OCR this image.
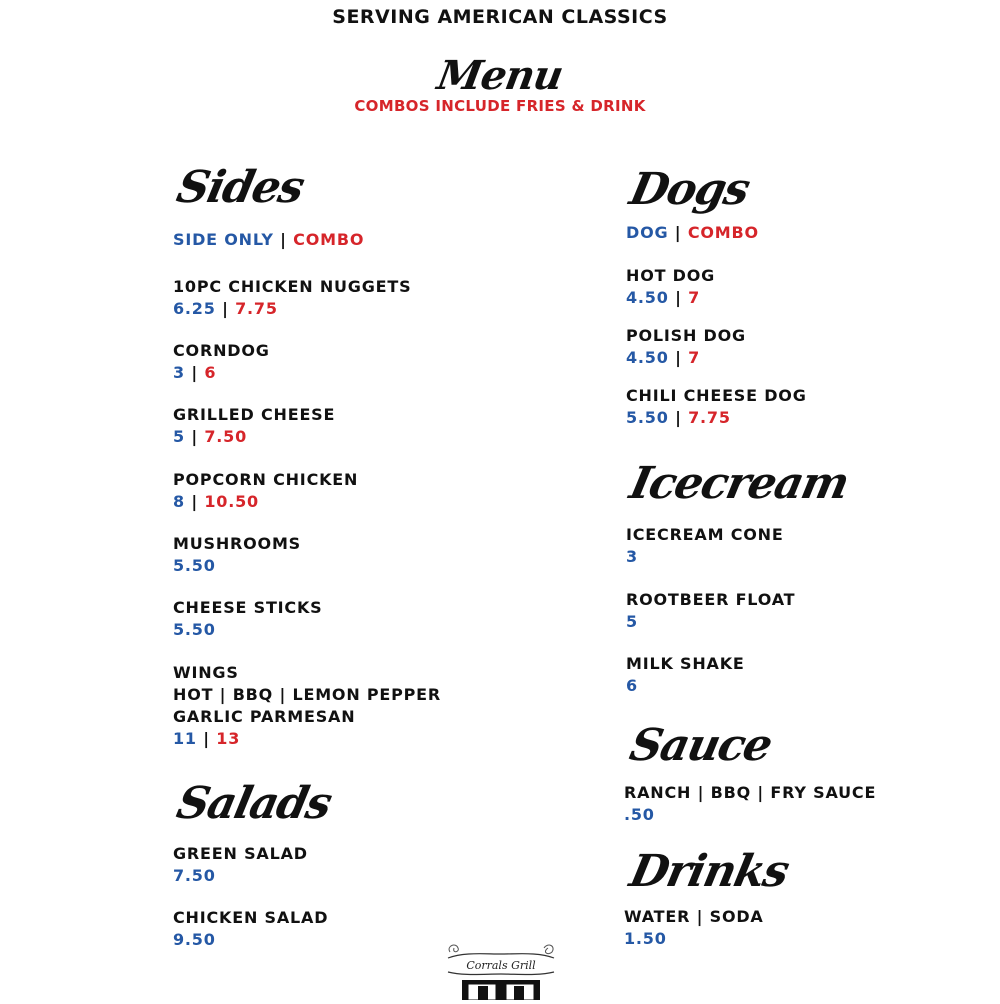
SERVING AMERICAN CLASSICS
Menu
COMBOS INCLUDE FRIES & DRINK
Sides
SIDE ONLY | COMBO
10PC CHICKEN NUGGETS
6.25 | 7.75
CORNDOG
3 | 6
GRILLED CHEESE
5 | 7.50
POPCORN CHICKEN
8 | 10.50
MUSHROOMS
5.50
CHEESE STICKS
5.50
WINGS
HOT | BBQ | LEMON PEPPER
GARLIC PARMESAN
11 | 13
Salads
GREEN SALAD
7.50
CHICKEN SALAD
9.50
Dogs
DOG | COMBO
HOT DOG
4.50 | 7
POLISH DOG
4.50 | 7
CHILI CHEESE DOG
5.50 | 7.75
Icecream
ICECREAM CONE
3
ROOTBEER FLOAT
5
MILK SHAKE
6
Sauce
RANCH | BBQ | FRY SAUCE
.50
Drinks
WATER | SODA
1.50
Corrals Grill
